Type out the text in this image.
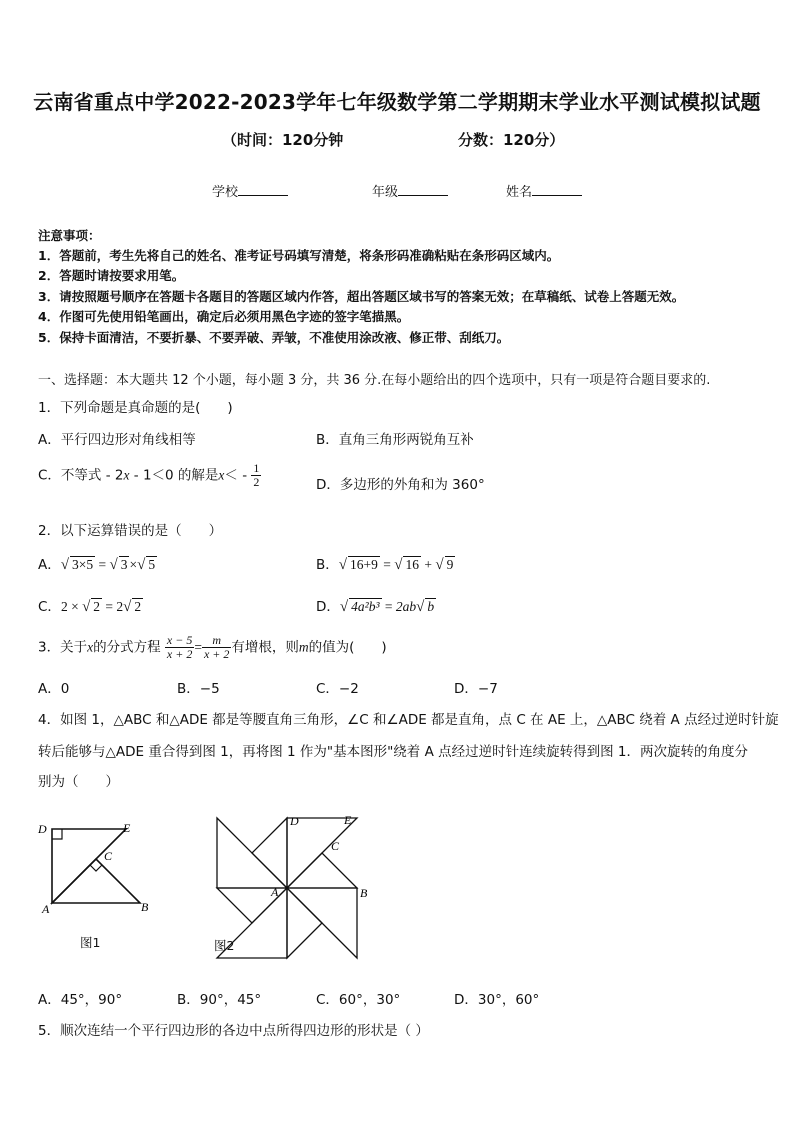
云南省重点中学2022-2023学年七年级数学第二学期期末学业水平测试模拟试题
（时间：120分钟	分数：120分）
学校	年级	姓名
注意事项：
1．答题前，考生先将自己的姓名、准考证号码填写清楚，将条形码准确粘贴在条形码区域内。
2．答题时请按要求用笔。
3．请按照题号顺序在答题卡各题目的答题区域内作答，超出答题区域书写的答案无效；在草稿纸、试卷上答题无效。
4．作图可先使用铅笔画出，确定后必须用黑色字迹的签字笔描黑。
5．保持卡面清洁，不要折暴、不要弄破、弄皱，不准使用涂改液、修正带、刮纸刀。
一、选择题：本大题共 12 个小题，每小题 3 分，共 36 分.在每小题给出的四个选项中，只有一项是符合题目要求的.
1．下列命题是真命题的是(　　)
A．平行四边形对角线相等	B．直角三角形两锐角互补
C．不等式 - 2x - 1＜0 的解是$x< - \frac{1}{2}$	D．多边形的外角和为 360°
2．以下运算错误的是（　　）
A．√ 3×5 = √ 3 ×√ 5	B．√ 16+9 = √ 16 + √ 9
C．2 × √ 2 = 2√ 2	D．√ 4a²b³ = 2ab√ b
3．关于x的分式方程 $\frac{x - 5}{x + 2} = \frac{m}{x + 2}$ 有增根，则m的值为(　　)
A．0	B．−5	C．−2	D．−7
4．如图 1，△ABC 和△ADE 都是等腰直角三角形，∠C 和∠ADE 都是直角，点 C 在 AE 上，△ABC 绕着 A 点经过逆时针旋
转后能够与△ADE 重合得到图 1，再将图 1 作为"基本图形"绕着 A 点经过逆时针连续旋转得到图 1．两次旋转的角度分
别为（　　）
D	E
C
A	B
图1
D	E
C
A	B
图2
A．45°，90°	B．90°，45°	C．60°，30°	D．30°，60°
5．顺次连结一个平行四边形的各边中点所得四边形的形状是（ ）
